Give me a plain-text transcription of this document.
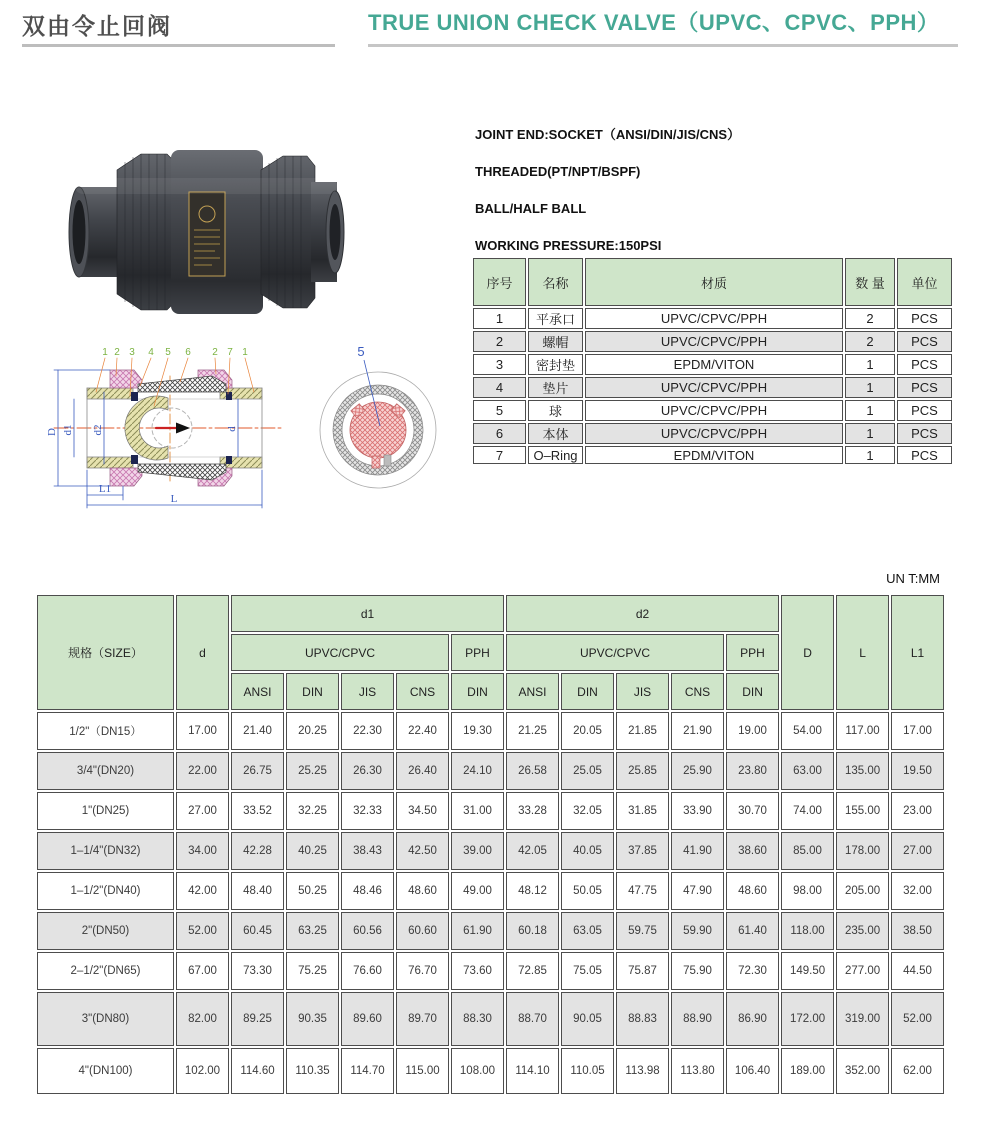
双由令止回阀	TRUE UNION CHECK VALVE（UPVC、CPVC、PPH）
JOINT END:SOCKET（ANSI/DIN/JIS/CNS）
THREADED(PT/NPT/BSPF)
BALL/HALF BALL
WORKING PRESSURE:150PSI
序号	名称	材质	数 量	单位
1	平承口	UPVC/CPVC/PPH	2	PCS
2	螺帽	UPVC/CPVC/PPH	2	PCS
3	密封垫	EPDM/VITON	1	PCS
4	垫片	UPVC/CPVC/PPH	1	PCS
5	球	UPVC/CPVC/PPH	1	PCS
6	本体	UPVC/CPVC/PPH	1	PCS
7	O–Ring	EPDM/VITON	1	PCS
D d1 d2	d
L1
L
1 2 3 4 5 6 2 7 1	5
UN T:MM
规格（SIZE）	d	d1					d2					D	L	L1
		UPVC/CPVC				PPH	UPVC/CPVC				PPH			
		ANSI	DIN	JIS	CNS	DIN	ANSI	DIN	JIS	CNS	DIN			
1/2"（DN15）	17.00	21.40	20.25	22.30	22.40	19.30	21.25	20.05	21.85	21.90	19.00	54.00	117.00	17.00
3/4"(DN20)	22.00	26.75	25.25	26.30	26.40	24.10	26.58	25.05	25.85	25.90	23.80	63.00	135.00	19.50
1"(DN25)	27.00	33.52	32.25	32.33	34.50	31.00	33.28	32.05	31.85	33.90	30.70	74.00	155.00	23.00
1–1/4"(DN32)	34.00	42.28	40.25	38.43	42.50	39.00	42.05	40.05	37.85	41.90	38.60	85.00	178.00	27.00
1–1/2"(DN40)	42.00	48.40	50.25	48.46	48.60	49.00	48.12	50.05	47.75	47.90	48.60	98.00	205.00	32.00
2"(DN50)	52.00	60.45	63.25	60.56	60.60	61.90	60.18	63.05	59.75	59.90	61.40	118.00	235.00	38.50
2–1/2"(DN65)	67.00	73.30	75.25	76.60	76.70	73.60	72.85	75.05	75.87	75.90	72.30	149.50	277.00	44.50
3"(DN80)	82.00	89.25	90.35	89.60	89.70	88.30	88.70	90.05	88.83	88.90	86.90	172.00	319.00	52.00
4"(DN100)	102.00	114.60	110.35	114.70	115.00	108.00	114.10	110.05	113.98	113.80	106.40	189.00	352.00	62.00
